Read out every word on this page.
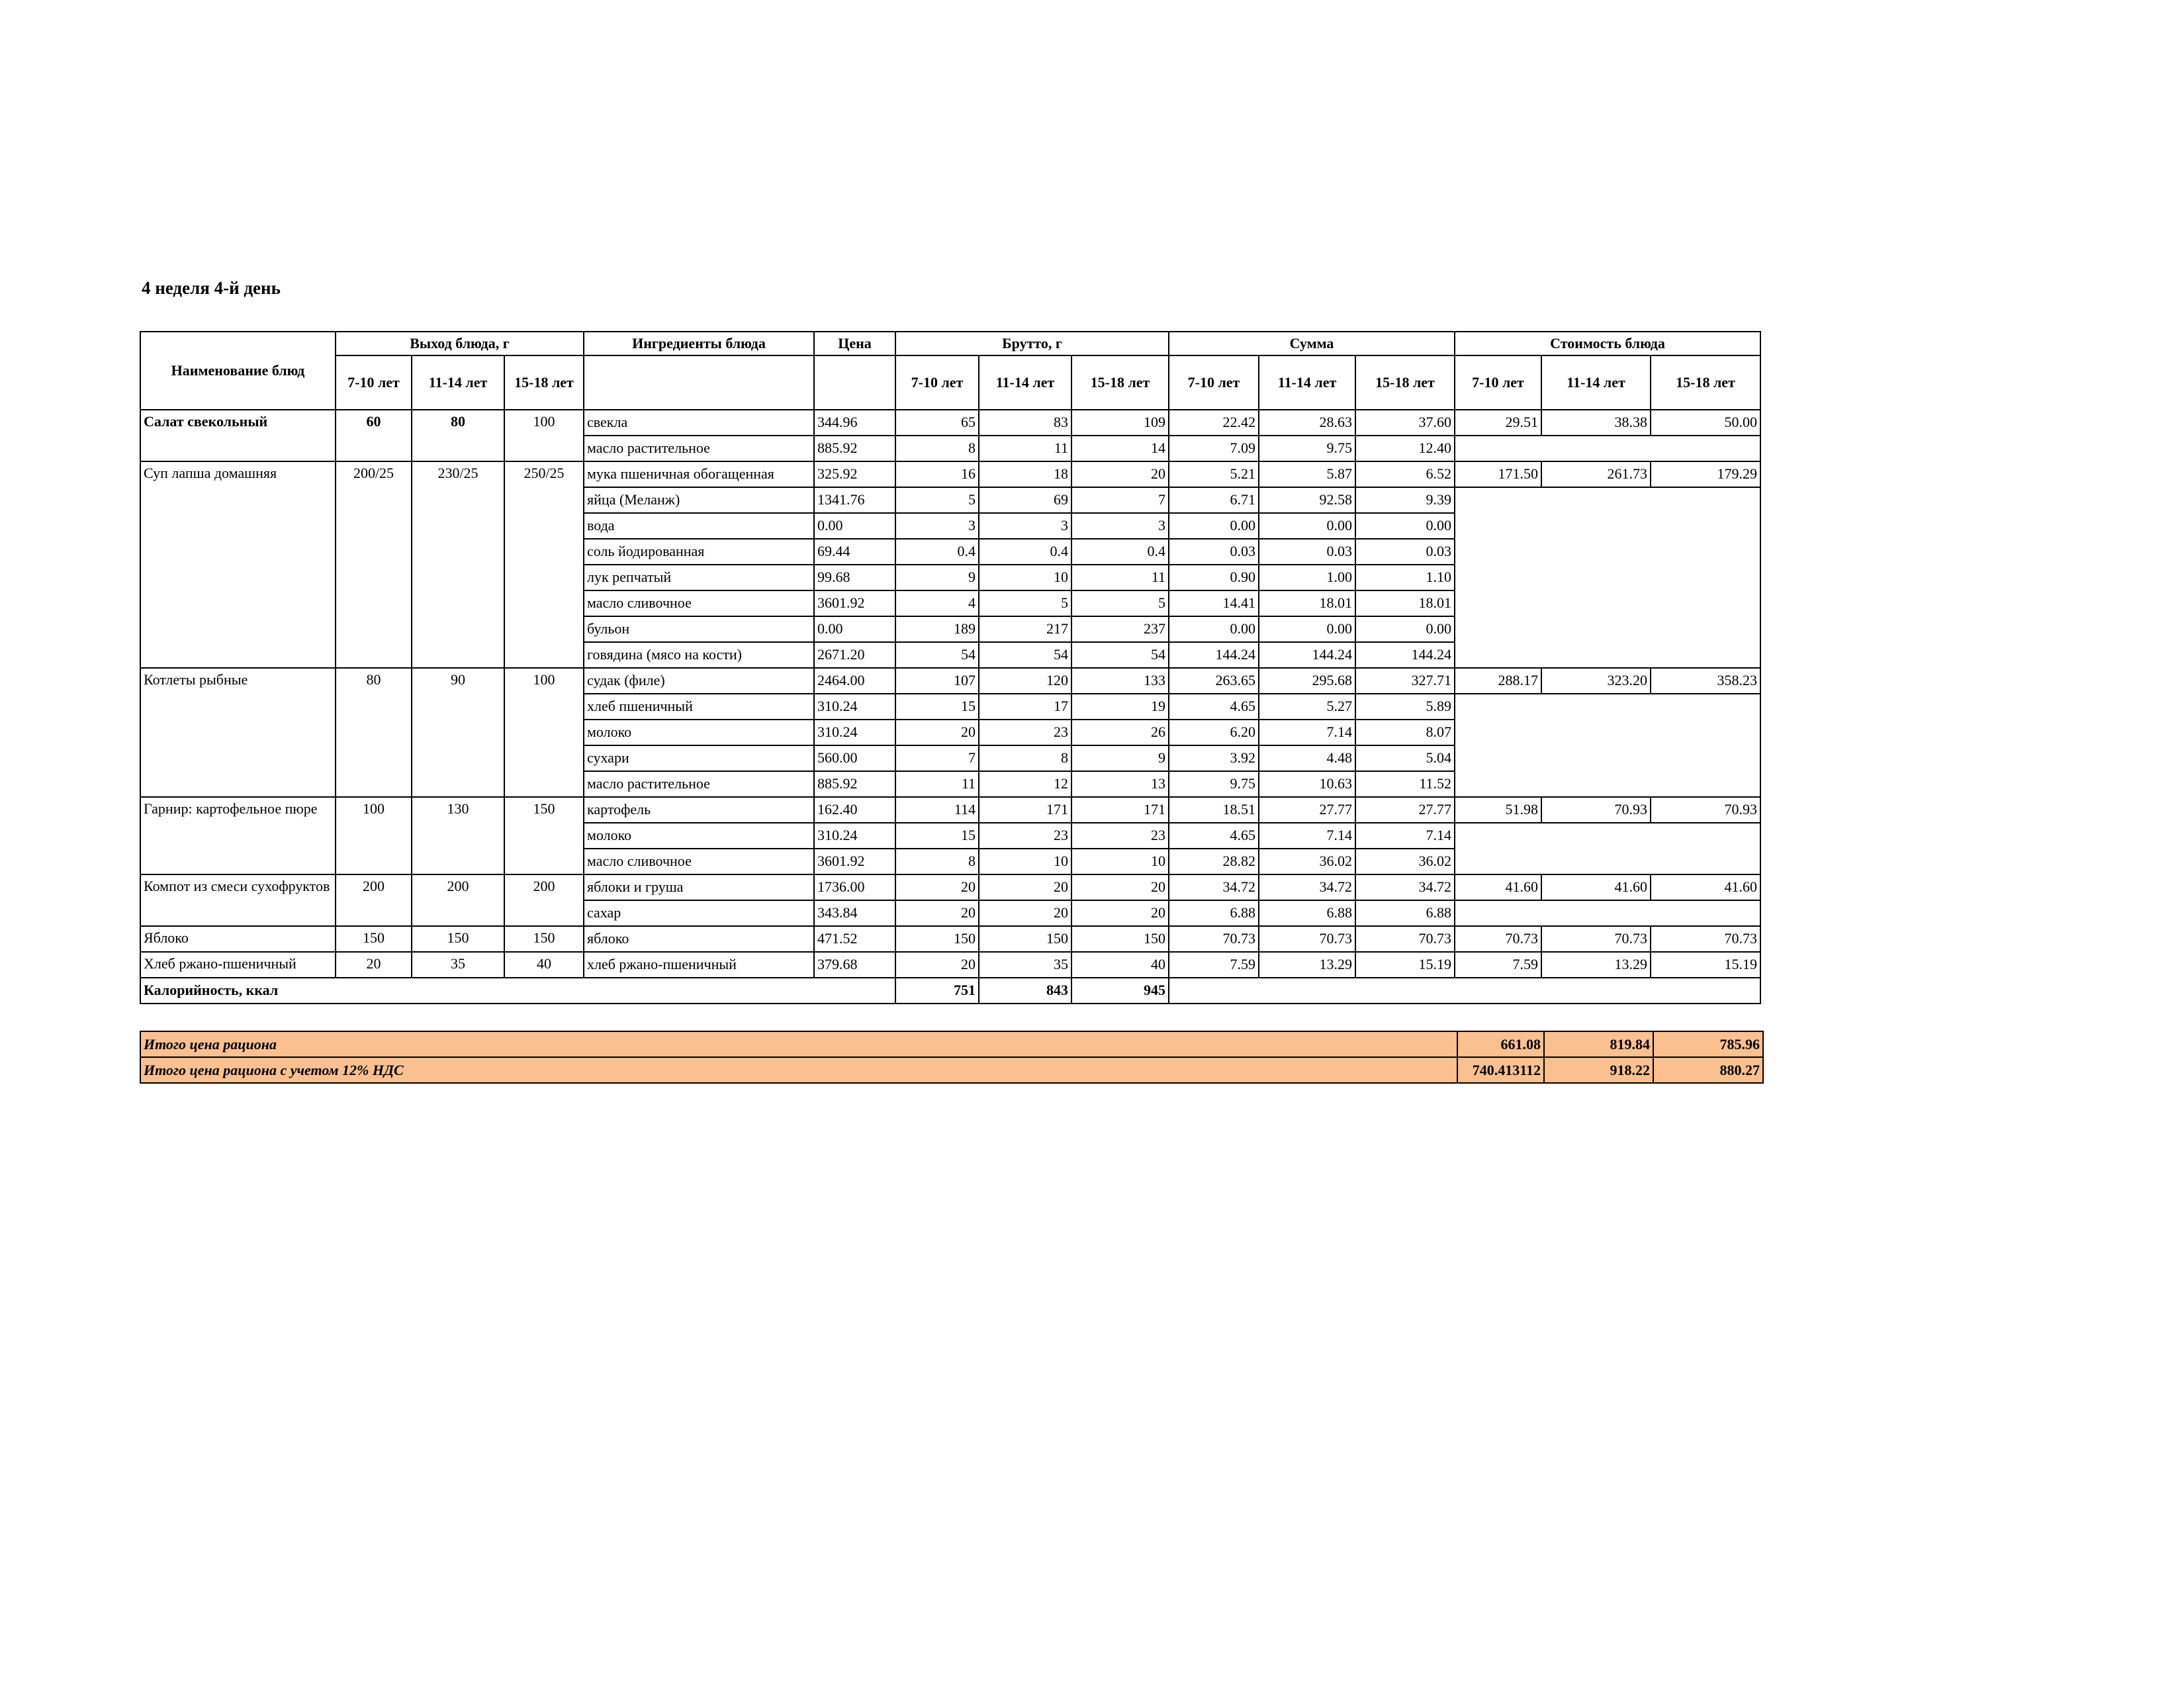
4 неделя 4-й день
Наименование блюд	Выход блюда, г			Ингредиенты блюда	Цена	Брутто, г			Сумма			Стоимость блюда		
	7-10 лет	11-14 лет	15-18 лет			7-10 лет	11-14 лет	15-18 лет	7-10 лет	11-14 лет	15-18 лет	7-10 лет	11-14 лет	15-18 лет
Салат свекольный	60	80	100	свекла	344.96	65	83	109	22.42	28.63	37.60	29.51	38.38	50.00
				масло растительное	885.92	8	11	14	7.09	9.75	12.40			
Суп лапша домашняя	200/25	230/25	250/25	мука пшеничная обогащенная	325.92	16	18	20	5.21	5.87	6.52	171.50	261.73	179.29
				яйца (Меланж)	1341.76	5	69	7	6.71	92.58	9.39			
				вода	0.00	3	3	3	0.00	0.00	0.00			
				соль йодированная	69.44	0.4	0.4	0.4	0.03	0.03	0.03			
				лук репчатый	99.68	9	10	11	0.90	1.00	1.10			
				масло сливочное	3601.92	4	5	5	14.41	18.01	18.01			
				бульон	0.00	189	217	237	0.00	0.00	0.00			
				говядина (мясо на кости)	2671.20	54	54	54	144.24	144.24	144.24			
Котлеты рыбные	80	90	100	судак (филе)	2464.00	107	120	133	263.65	295.68	327.71	288.17	323.20	358.23
				хлеб пшеничный	310.24	15	17	19	4.65	5.27	5.89			
				молоко	310.24	20	23	26	6.20	7.14	8.07			
				сухари	560.00	7	8	9	3.92	4.48	5.04			
				масло растительное	885.92	11	12	13	9.75	10.63	11.52			
Гарнир: картофельное пюре	100	130	150	картофель	162.40	114	171	171	18.51	27.77	27.77	51.98	70.93	70.93
				молоко	310.24	15	23	23	4.65	7.14	7.14			
				масло сливочное	3601.92	8	10	10	28.82	36.02	36.02			
Компот из смеси сухофруктов	200	200	200	яблоки и груша	1736.00	20	20	20	34.72	34.72	34.72	41.60	41.60	41.60
				сахар	343.84	20	20	20	6.88	6.88	6.88			
Яблоко	150	150	150	яблоко	471.52	150	150	150	70.73	70.73	70.73	70.73	70.73	70.73
Хлеб ржано-пшеничный	20	35	40	хлеб ржано-пшеничный	379.68	20	35	40	7.59	13.29	15.19	7.59	13.29	15.19
Калорийность, ккал						751	843	945						
Итого цена рациона	661.08	819.84	785.96
Итого цена рациона с учетом 12% НДС	740.413112	918.22	880.27
